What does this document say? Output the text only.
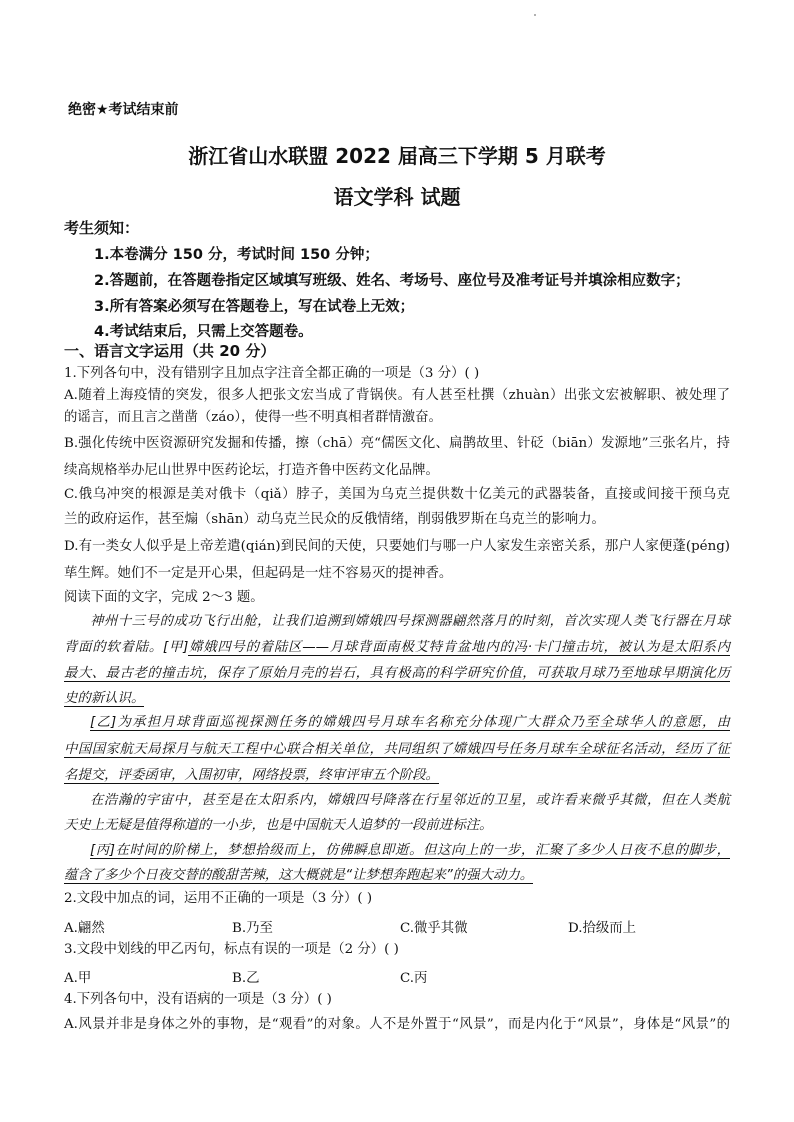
绝密★考试结束前
浙江省山水联盟 2022 届高三下学期 5 月联考
语文学科 试题
考生须知：
1.本卷满分 150 分，考试时间 150 分钟；
2.答题前，在答题卷指定区域填写班级、姓名、考场号、座位号及准考证号并填涂相应数字；
3.所有答案必须写在答题卷上，写在试卷上无效；
4.考试结束后，只需上交答题卷。
一、语言文字运用（共 20 分）
1.下列各句中，没有错别字且加点字注音全都正确的一项是（3 分）( )
A.随着上海疫情的突发，很多人把张文宏当成了背锅侠。有人甚至杜撰（zhuàn）出张文宏被解职、被处理了
的谣言，而且言之凿凿（záo），使得一些不明真相者群情激奋。
B.强化传统中医资源研究发掘和传播，擦（chā）亮“儒医文化、扁鹊故里、针砭（biān）发源地”三张名片，持
续高规格举办尼山世界中医药论坛，打造齐鲁中医药文化品牌。
C.俄乌冲突的根源是美对俄卡（qiǎ）脖子，美国为乌克兰提供数十亿美元的武器装备，直接或间接干预乌克
兰的政府运作，甚至煽（shān）动乌克兰民众的反俄情绪，削弱俄罗斯在乌克兰的影响力。
D.有一类女人似乎是上帝差遣(qián)到民间的天使，只要她们与哪一户人家发生亲密关系，那户人家便蓬(péng)
荜生辉。她们不一定是开心果，但起码是一炷不容易灭的提神香。
阅读下面的文字，完成 2～3 题。
神州十三号的成功飞行出舱，让我们追溯到嫦娥四号探测器翩然落月的时刻，首次实现人类飞行器在月球
背面的软着陆。[甲]嫦娥四号的着陆区——月球背面南极艾特肯盆地内的冯·卡门撞击坑，被认为是太阳系内
最大、最古老的撞击坑，保存了原始月壳的岩石，具有极高的科学研究价值，可获取月球乃至地球早期演化历
史的新认识。
[乙]为承担月球背面巡视探测任务的嫦娥四号月球车名称充分体现广大群众乃至全球华人的意愿，由
中国国家航天局探月与航天工程中心联合相关单位，共同组织了嫦娥四号任务月球车全球征名活动，经历了征
名提交，评委函审，入围初审，网络投票，终审评审五个阶段。
在浩瀚的宇宙中，甚至是在太阳系内，嫦娥四号降落在行星邻近的卫星，或许看来微乎其微，但在人类航
天史上无疑是值得称道的一小步，也是中国航天人追梦的一段前进标注。
[丙]在时间的阶梯上，梦想拾级而上，仿佛瞬息即逝。但这向上的一步，汇聚了多少人日夜不息的脚步，
蕴含了多少个日夜交替的酸甜苦辣，这大概就是“让梦想奔跑起来”的强大动力。
2.文段中加点的词，运用不正确的一项是（3 分）( )
A.翩然	B.乃至	C.微乎其微	D.拾级而上
3.文段中划线的甲乙丙句，标点有误的一项是（2 分）( )
A.甲	B.乙	C.丙
4.下列各句中，没有语病的一项是（3 分）( )
A.风景并非是身体之外的事物，是“观看”的对象。人不是外置于“风景”，而是内化于“风景”，身体是“风景”的
